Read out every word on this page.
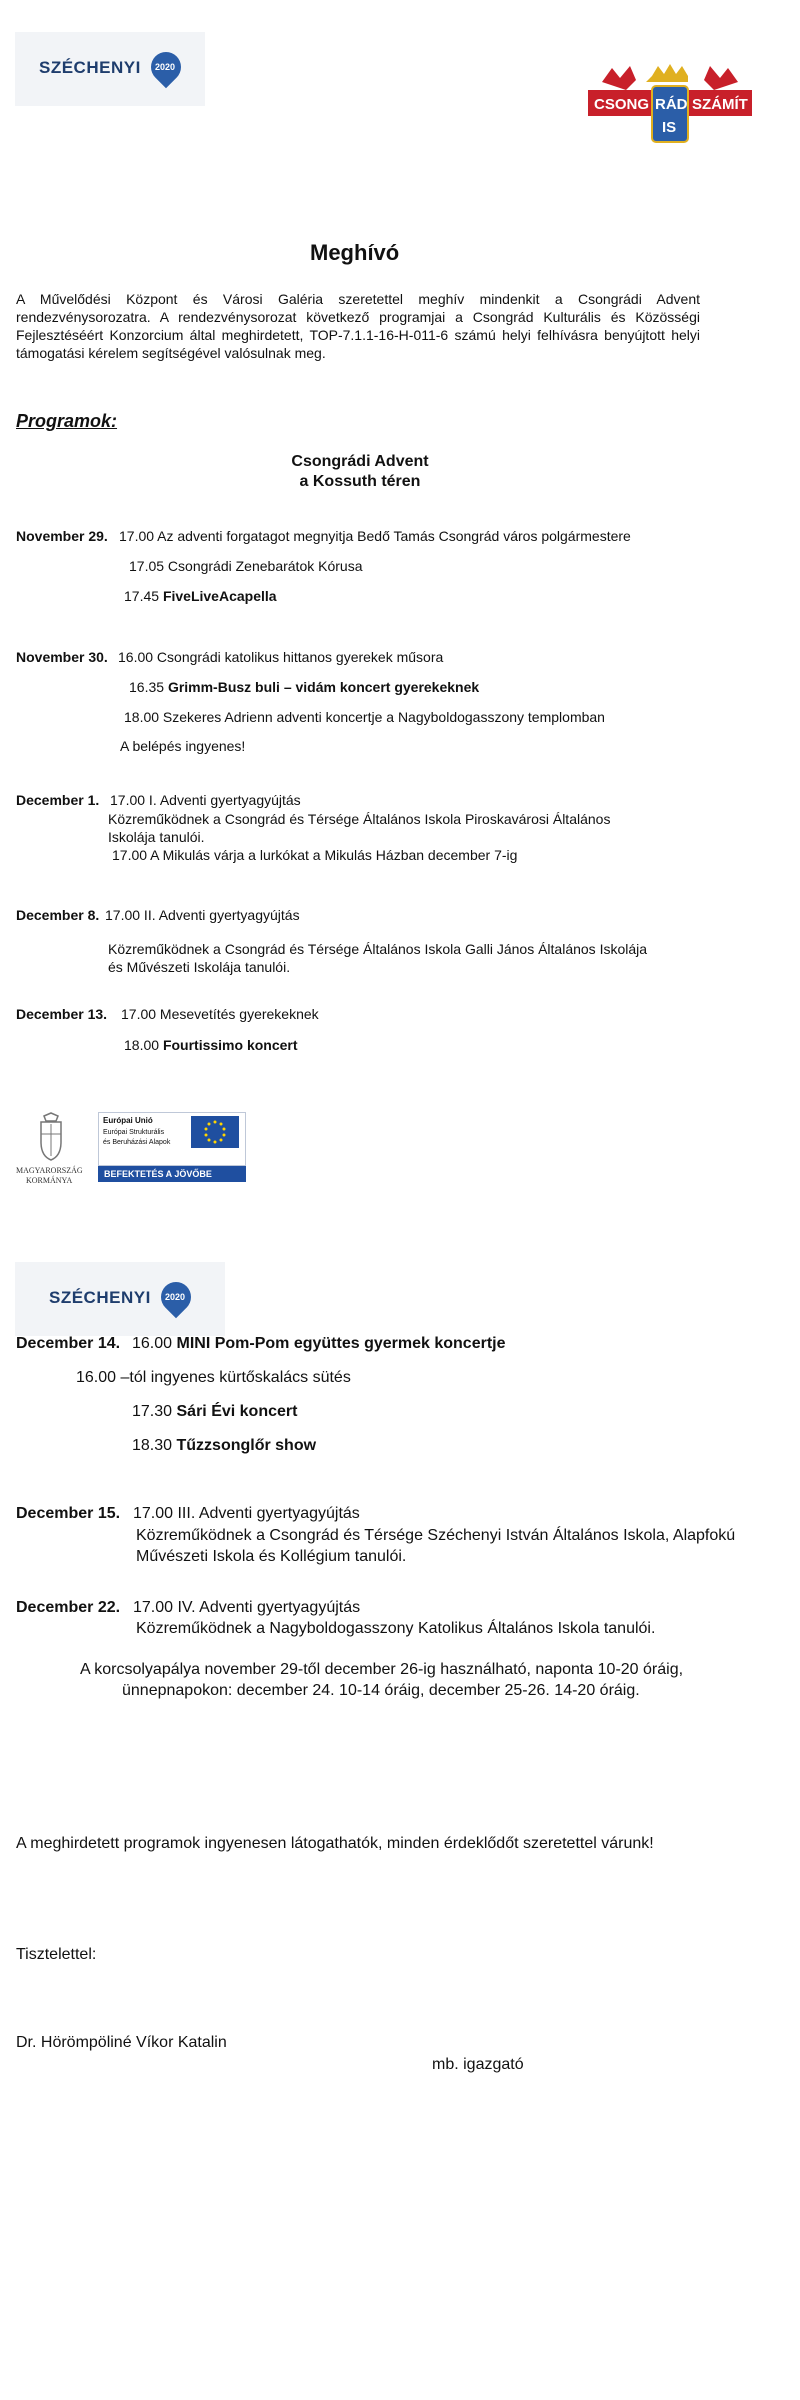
SZÉCHENYI 2020
CSONG RÁD
IS
SZÁMÍT
Meghívó
A Művelődési Központ és Városi Galéria szeretettel meghív mindenkit a Csongrádi Advent rendezvénysorozatra. A rendezvénysorozat következő programjai a Csongrád Kulturális és Közösségi Fejlesztéséért Konzorcium által meghirdetett, TOP-7.1.1-16-H-011-6 számú helyi felhívásra benyújtott helyi támogatási kérelem segítségével valósulnak meg.
Programok:
Csongrádi Advent
a Kossuth téren
November 29. 17.00 Az adventi forgatagot megnyitja Bedő Tamás Csongrád város polgármestere
17.05 Csongrádi Zenebarátok Kórusa
17.45 FiveLiveAcapella
November 30. 16.00 Csongrádi katolikus hittanos gyerekek műsora
16.35 Grimm-Busz buli – vidám koncert gyerekeknek
18.00 Szekeres Adrienn adventi koncertje a Nagyboldogasszony templomban
A belépés ingyenes!
December 1. 17.00 I. Adventi gyertyagyújtás
Közreműködnek a Csongrád és Térsége Általános Iskola Piroskavárosi Általános
Iskolája tanulói.
17.00 A Mikulás várja a lurkókat a Mikulás Házban december 7-ig
December 8. 17.00 II. Adventi gyertyagyújtás
Közreműködnek a Csongrád és Térsége Általános Iskola Galli János Általános Iskolája
és Művészeti Iskolája tanulói.
December 13. 17.00 Mesevetítés gyerekeknek
18.00 Fourtissimo koncert
MAGYARORSZÁG
KORMÁNYA
Európai Unió
Európai Strukturális
és Beruházási Alapok
BEFEKTETÉS A JÖVŐBE
SZÉCHENYI 2020
December 14. 16.00 MINI Pom-Pom együttes gyermek koncertje
16.00 –tól ingyenes kürtőskalács sütés
17.30 Sári Évi koncert
18.30 Tűzzsonglőr show
December 15. 17.00 III. Adventi gyertyagyújtás
Közreműködnek a Csongrád és Térsége Széchenyi István Általános Iskola, Alapfokú
Művészeti Iskola és Kollégium tanulói.
December 22. 17.00 IV. Adventi gyertyagyújtás
Közreműködnek a Nagyboldogasszony Katolikus Általános Iskola tanulói.
A korcsolyapálya november 29-től december 26-ig használható, naponta 10-20 óráig,
ünnepnapokon: december 24. 10-14 óráig, december 25-26. 14-20 óráig.
A meghirdetett programok ingyenesen látogathatók, minden érdeklődőt szeretettel várunk!
Tisztelettel:
Dr. Hörömpöliné Víkor Katalin
mb. igazgató
